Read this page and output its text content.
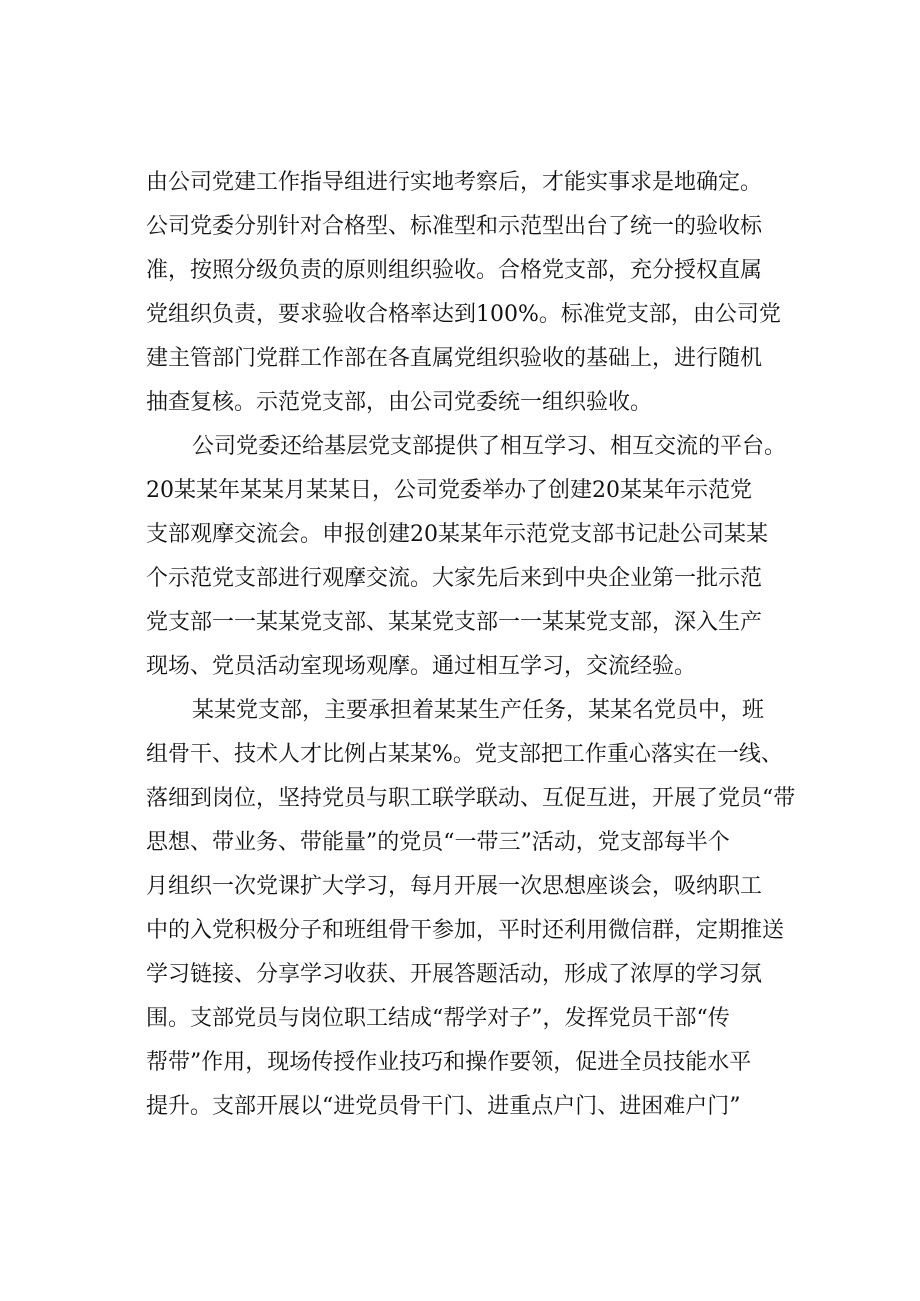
由公司党建工作指导组进行实地考察后，才能实事求是地确定。
公司党委分别针对合格型、标准型和示范型出台了统一的验收标
准，按照分级负责的原则组织验收。合格党支部，充分授权直属
党组织负责，要求验收合格率达到100%。标准党支部，由公司党
建主管部门党群工作部在各直属党组织验收的基础上，进行随机
抽查复核。示范党支部，由公司党委统一组织验收。
公司党委还给基层党支部提供了相互学习、相互交流的平台。
20某某年某某月某某日，公司党委举办了创建20某某年示范党
支部观摩交流会。申报创建20某某年示范党支部书记赴公司某某
个示范党支部进行观摩交流。大家先后来到中央企业第一批示范
党支部一一某某党支部、某某党支部一一某某党支部，深入生产
现场、党员活动室现场观摩。通过相互学习，交流经验。
某某党支部，主要承担着某某生产任务，某某名党员中，班
组骨干、技术人才比例占某某%。党支部把工作重心落实在一线、
落细到岗位，坚持党员与职工联学联动、互促互进，开展了党员“带
思想、带业务、带能量”的党员“一带三”活动，党支部每半个
月组织一次党课扩大学习，每月开展一次思想座谈会，吸纳职工
中的入党积极分子和班组骨干参加，平时还利用微信群，定期推送
学习链接、分享学习收获、开展答题活动，形成了浓厚的学习氛
围。支部党员与岗位职工结成“帮学对子”，发挥党员干部“传
帮带”作用，现场传授作业技巧和操作要领，促进全员技能水平
提升。支部开展以“进党员骨干门、进重点户门、进困难户门”
